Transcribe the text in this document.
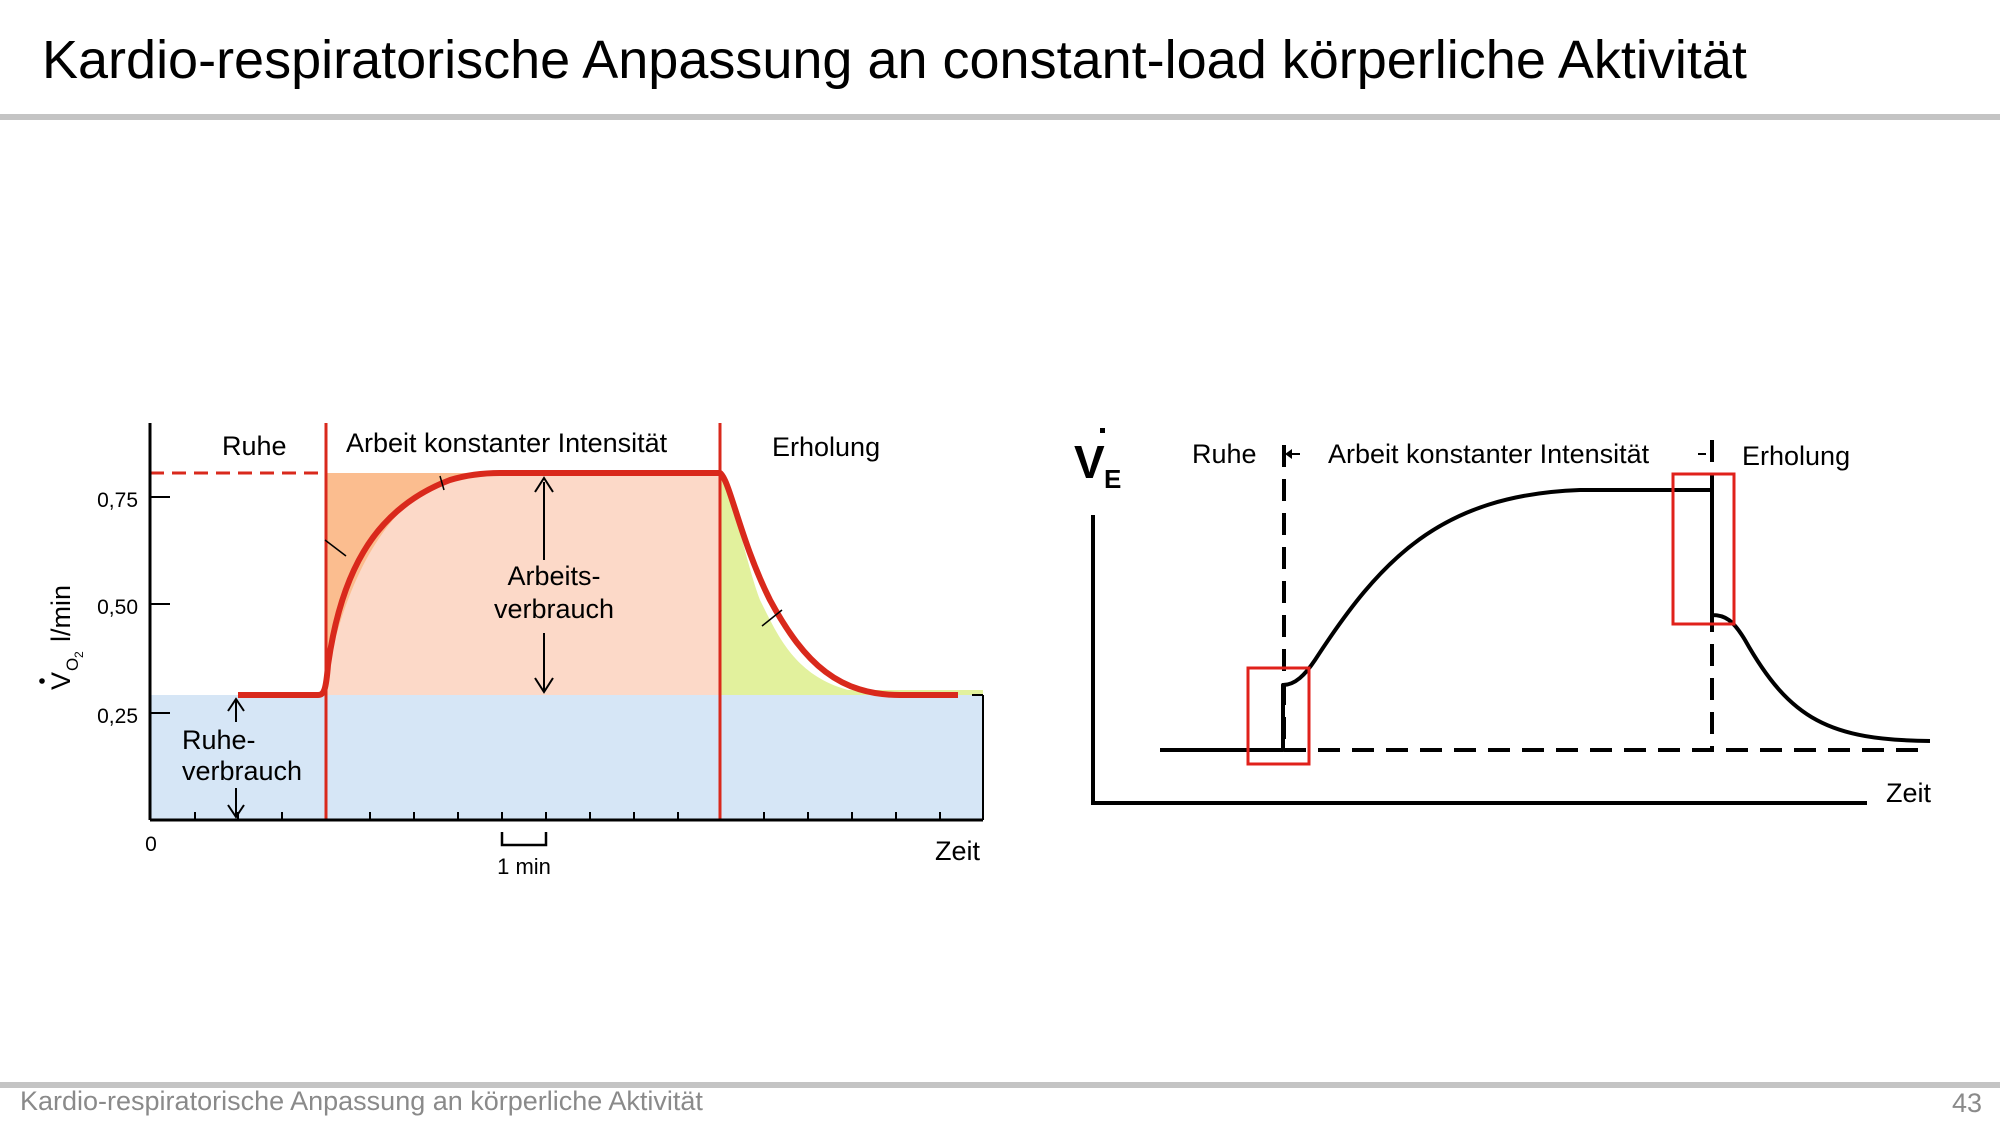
Kardio-respiratorische Anpassung an constant-load körperliche Aktivität
Ruhe Arbeit konstanter Intensität	Erholung
0,75
0,50
0,25
0	Zeit
1 min
Arbeits-
verbrauch
Ruhe-
verbrauch
V
O
2
l/min
V E
Ruhe	Arbeit konstanter Intensität	Erholung
Zeit
Kardio-respiratorische Anpassung an körperliche Aktivität	43
